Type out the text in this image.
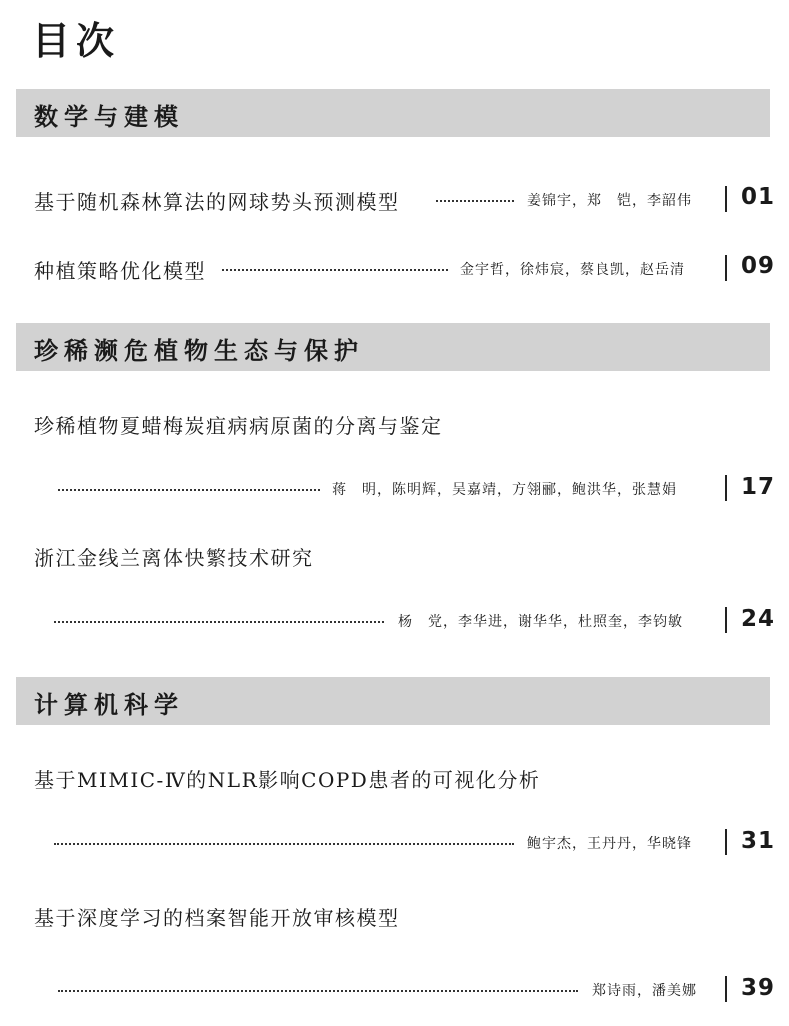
目次
数学与建模
基于随机森林算法的网球势头预测模型	姜锦宇，郑　铠，李韶伟 01
种植策略优化模型	金宇哲，徐炜宸，蔡良凯，赵岳清 09
珍稀濒危植物生态与保护
珍稀植物夏蜡梅炭疽病病原菌的分离与鉴定
蒋　明，陈明辉，吴嘉靖，方翎郦，鲍洪华，张慧娟	17
浙江金线兰离体快繁技术研究
杨　党，李华进，谢华华，杜照奎，李钧敏	24
计算机科学
基于MIMIC-Ⅳ的NLR影响COPD患者的可视化分析
鲍宇杰，王丹丹，华晓锋 31
基于深度学习的档案智能开放审核模型
郑诗雨，潘美娜 39
